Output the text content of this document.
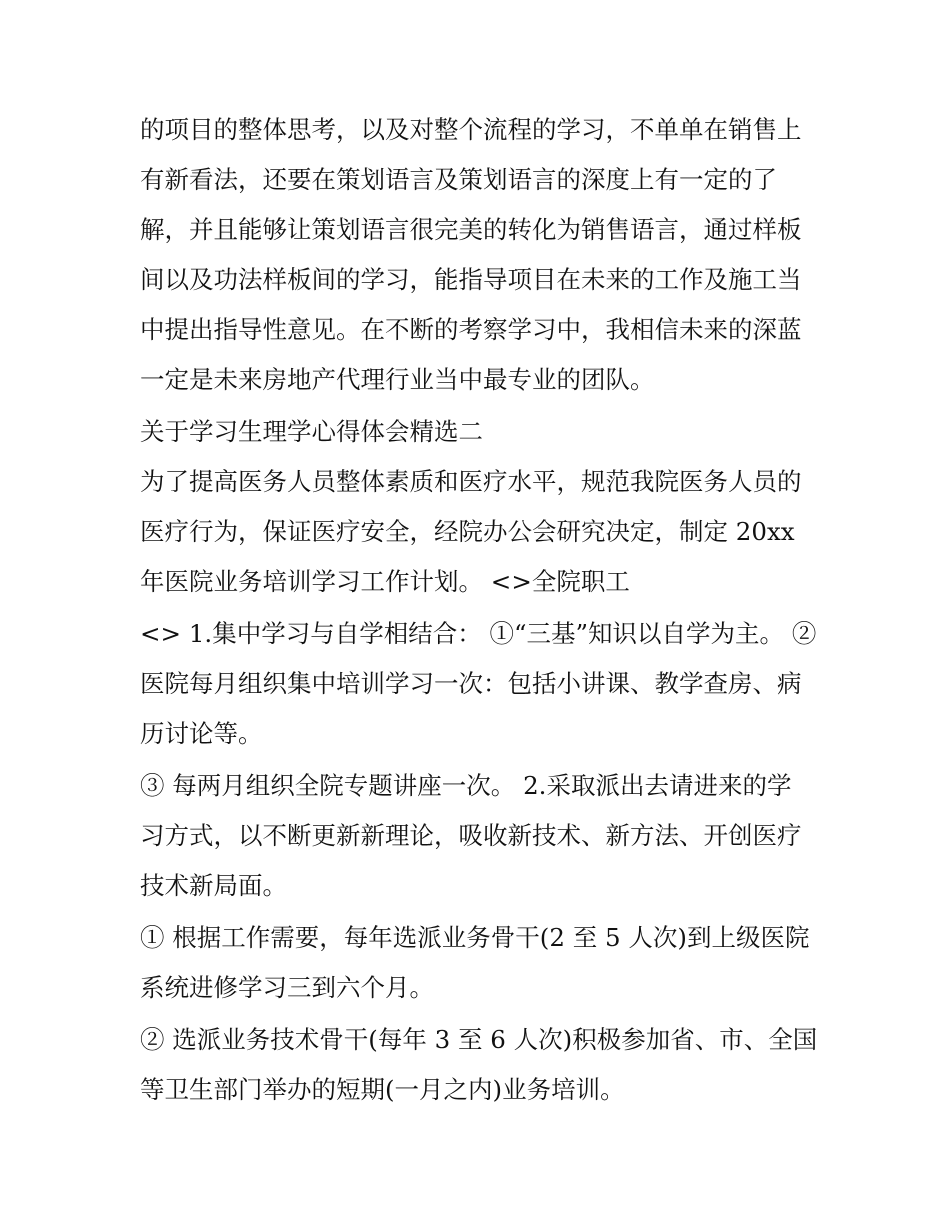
的项目的整体思考，以及对整个流程的学习，不单单在销售上
有新看法，还要在策划语言及策划语言的深度上有一定的了
解，并且能够让策划语言很完美的转化为销售语言，通过样板
间以及功法样板间的学习，能指导项目在未来的工作及施工当
中提出指导性意见。在不断的考察学习中，我相信未来的深蓝
一定是未来房地产代理行业当中最专业的团队。
关于学习生理学心得体会精选二
为了提高医务人员整体素质和医疗水平，规范我院医务人员的
医疗行为，保证医疗安全，经院办公会研究决定，制定 20xx
年医院业务培训学习工作计划。 <>全院职工
<> 1.集中学习与自学相结合： ①“三基”知识以自学为主。 ②
医院每月组织集中培训学习一次：包括小讲课、教学查房、病
历讨论等。
③ 每两月组织全院专题讲座一次。 2.采取派出去请进来的学
习方式，以不断更新新理论，吸收新技术、新方法、开创医疗
技术新局面。
① 根据工作需要，每年选派业务骨干(2 至 5 人次)到上级医院
系统进修学习三到六个月。
② 选派业务技术骨干(每年 3 至 6 人次)积极参加省、市、全国
等卫生部门举办的短期(一月之内)业务培训。
